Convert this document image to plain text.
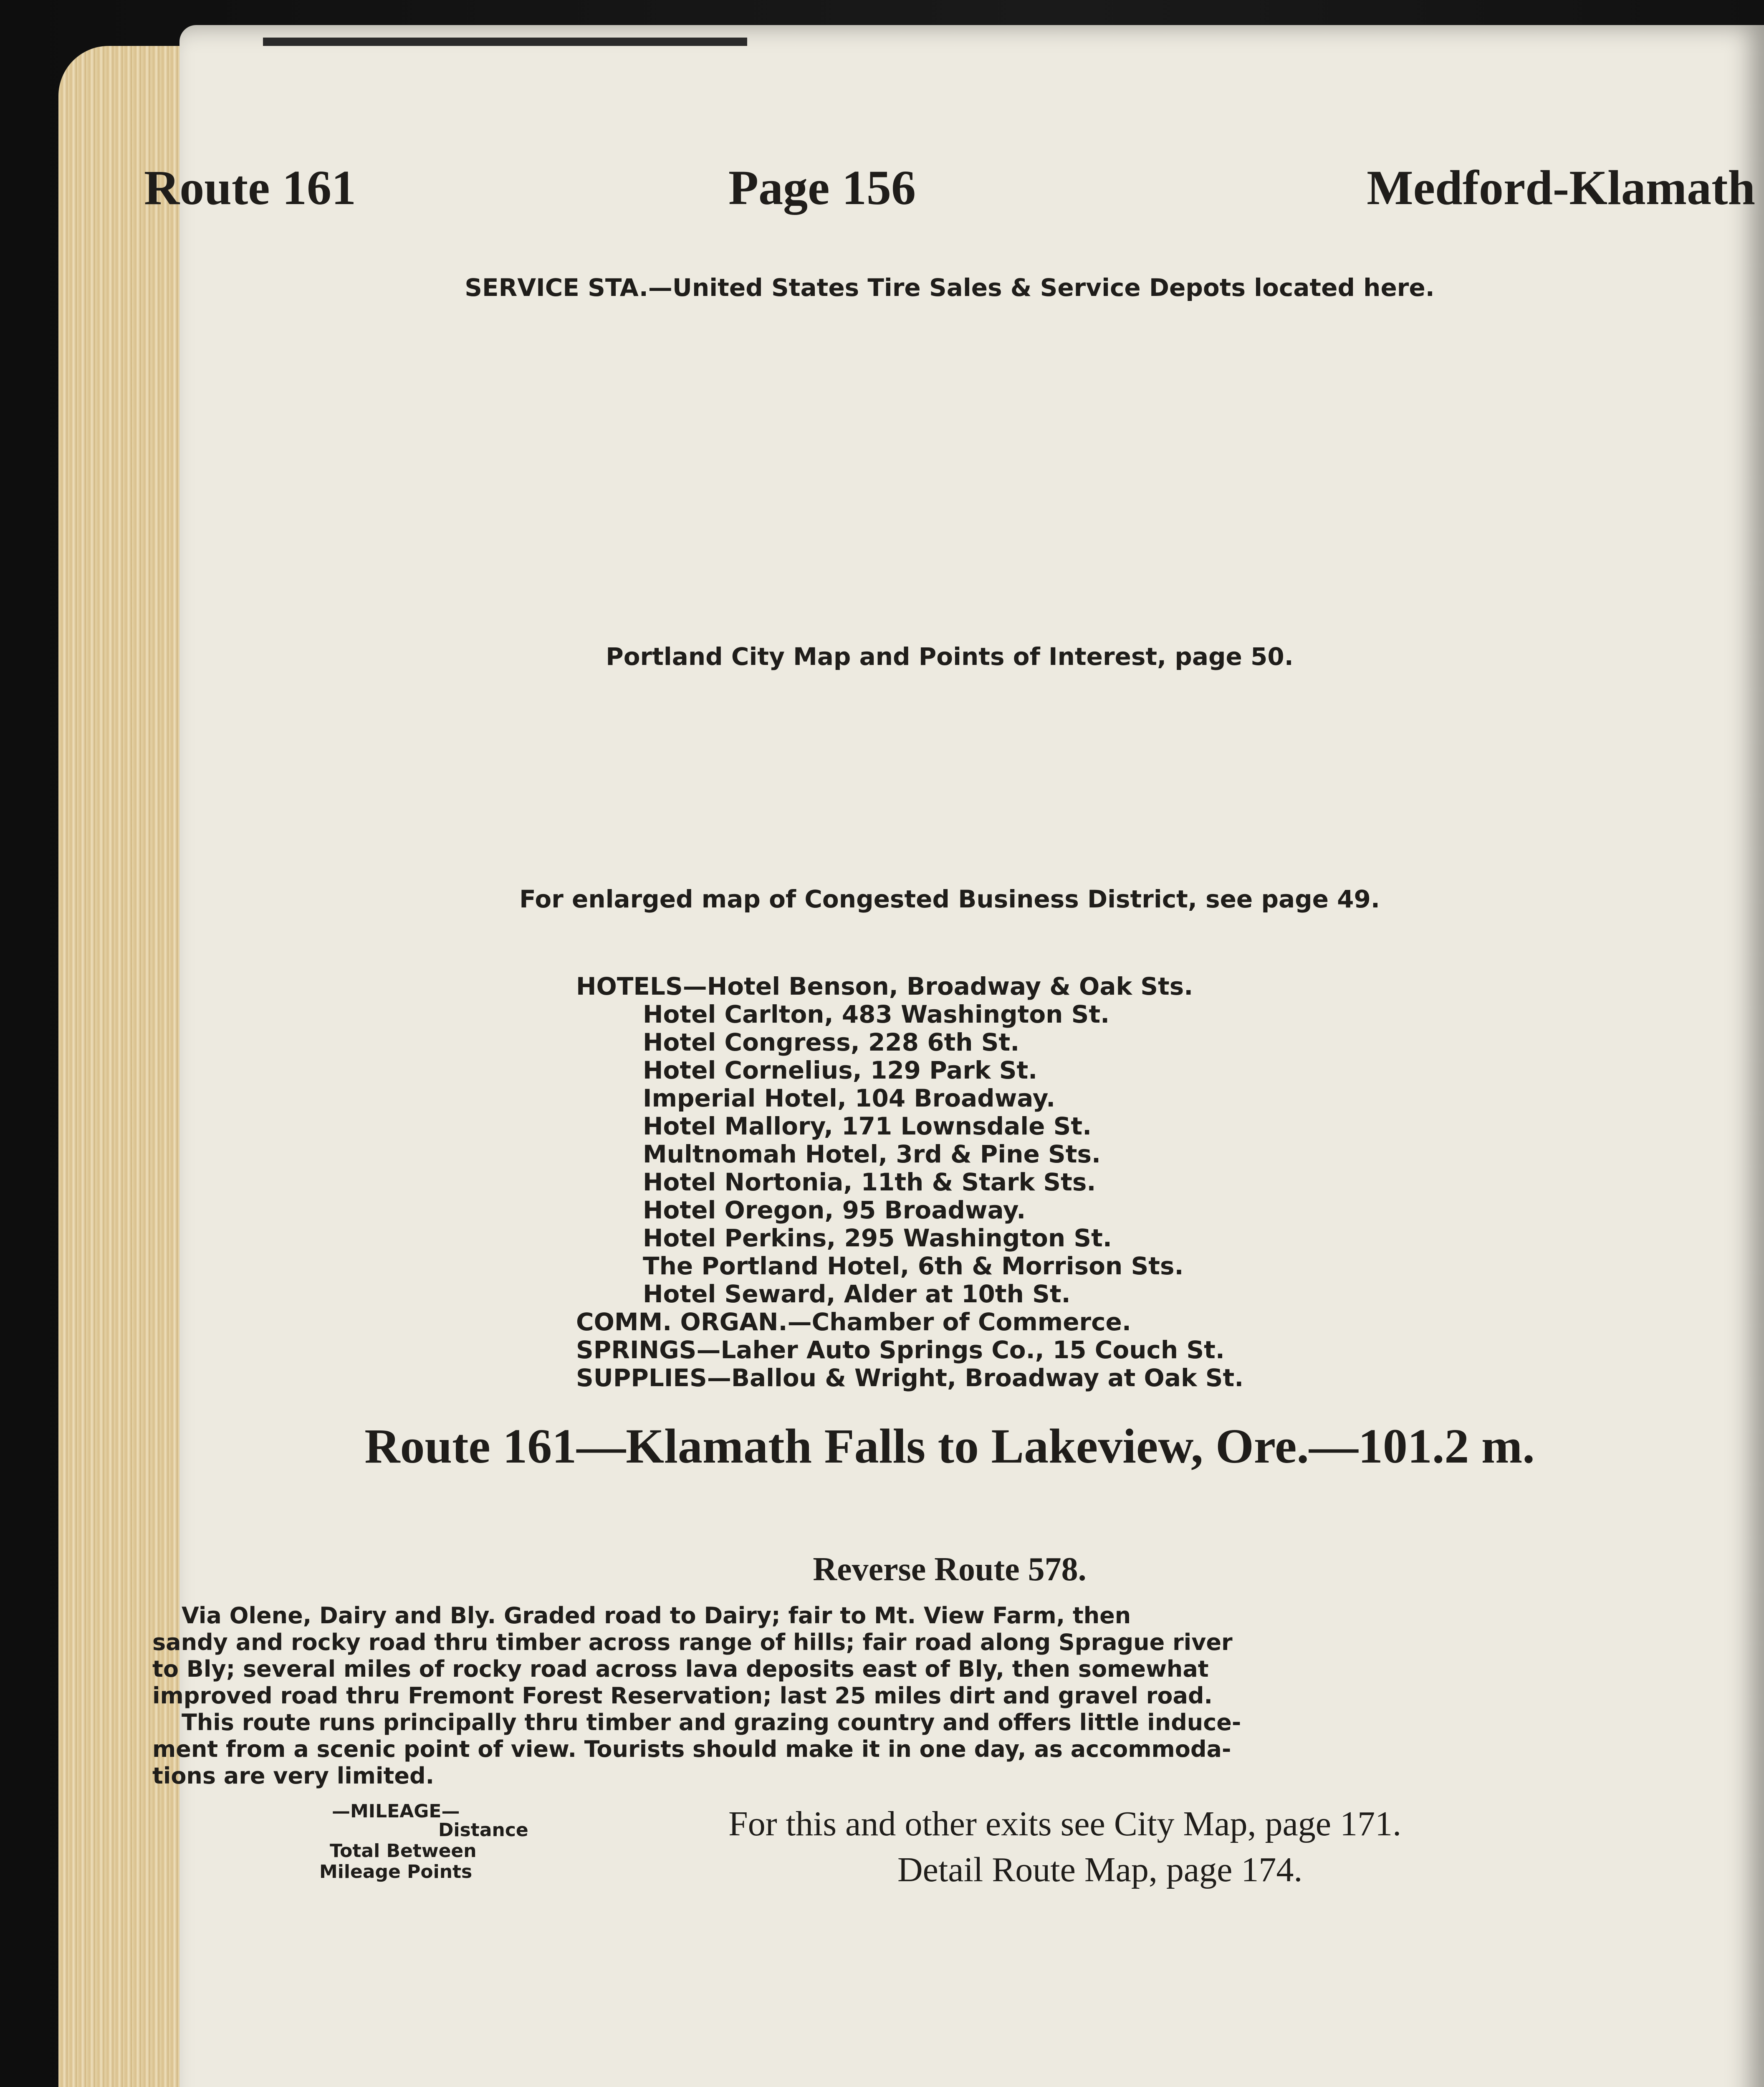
Route 161	Page 156	Medford-Klamath
SERVICE STA.—United States Tire Sales & Service Depots located here.
Portland City Map and Points of Interest, page 50.
For enlarged map of Congested Business District, see page 49.
HOTELS—Hotel Benson, Broadway & Oak Sts.
Hotel Carlton, 483 Washington St.
Hotel Congress, 228 6th St.
Hotel Cornelius, 129 Park St.
Imperial Hotel, 104 Broadway.
Hotel Mallory, 171 Lownsdale St.
Multnomah Hotel, 3rd & Pine Sts.
Hotel Nortonia, 11th & Stark Sts.
Hotel Oregon, 95 Broadway.
Hotel Perkins, 295 Washington St.
The Portland Hotel, 6th & Morrison Sts.
Hotel Seward, Alder at 10th St.
COMM. ORGAN.—Chamber of Commerce.
SPRINGS—Laher Auto Springs Co., 15 Couch St.
SUPPLIES—Ballou & Wright, Broadway at Oak St.
Route 161—Klamath Falls to Lakeview, Ore.—101.2 m.
Reverse Route 578.
Via Olene, Dairy and Bly. Graded road to Dairy; fair to Mt. View Farm, then
sandy and rocky road thru timber across range of hills; fair road along Sprague river
to Bly; several miles of rocky road across lava deposits east of Bly, then somewhat
improved road thru Fremont Forest Reservation; last 25 miles dirt and gravel road.
This route runs principally thru timber and grazing country and offers little induce-
ment from a scenic point of view. Tourists should make it in one day, as accommoda-
tions are very limited.
—MILEAGE—
Distance
Total Between
Mileage Points
For this and other exits see City Map, page 171.
Detail Route Map, page 174.
